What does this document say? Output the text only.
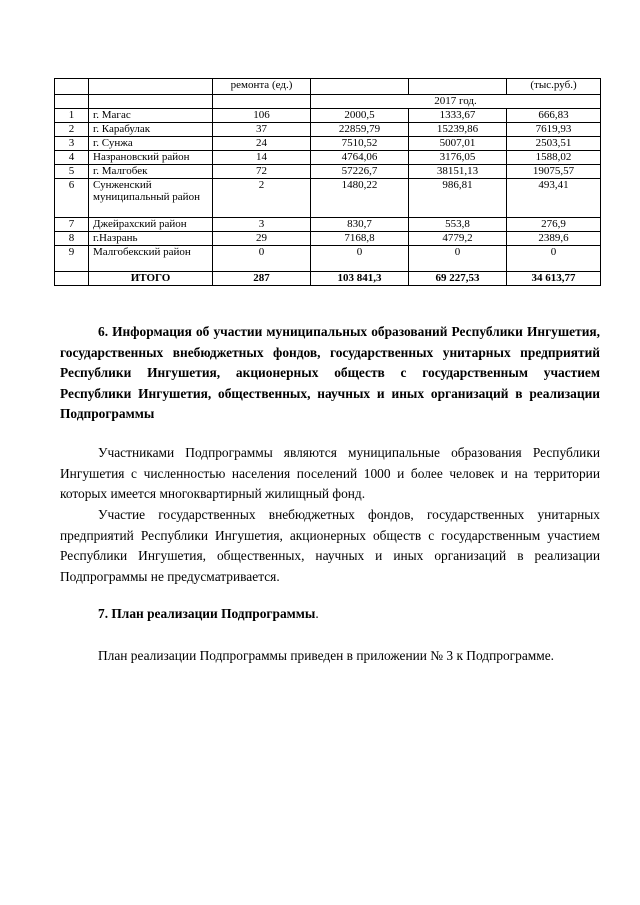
		ремонта (ед.)			(тыс.руб.)
			2017 год.		
1	г. Магас	106	2000,5	1333,67	666,83
2	г. Карабулак	37	22859,79	15239,86	7619,93
3	г. Сунжа	24	7510,52	5007,01	2503,51
4	Назрановский район	14	4764,06	3176,05	1588,02
5	г. Малгобек	72	57226,7	38151,13	19075,57
6	Сунженский муниципальный район	2	1480,22	986,81	493,41
7	Джейрахский район	3	830,7	553,8	276,9
8	г.Назрань	29	7168,8	4779,2	2389,6
9	Малгобекский район	0	0	0	0
	ИТОГО	287	103 841,3	69 227,53	34 613,77
6. Информация об участии муниципальных образований Республики Ингушетия, государственных внебюджетных фондов, государственных унитарных предприятий Республики Ингушетия, акционерных обществ с государственным участием Республики Ингушетия, общественных, научных и иных организаций в реализации Подпрограммы
Участниками Подпрограммы являются муниципальные образования Республики Ингушетия с численностью населения поселений 1000 и более человек и на территории которых имеется многоквартирный жилищный фонд.
Участие государственных внебюджетных фондов, государственных унитарных предприятий Республики Ингушетия, акционерных обществ с государственным участием Республики Ингушетия, общественных, научных и иных организаций в реализации Подпрограммы не предусматривается.
7. План реализации Подпрограммы.
План реализации Подпрограммы приведен в приложении № 3 к Подпрограмме.
